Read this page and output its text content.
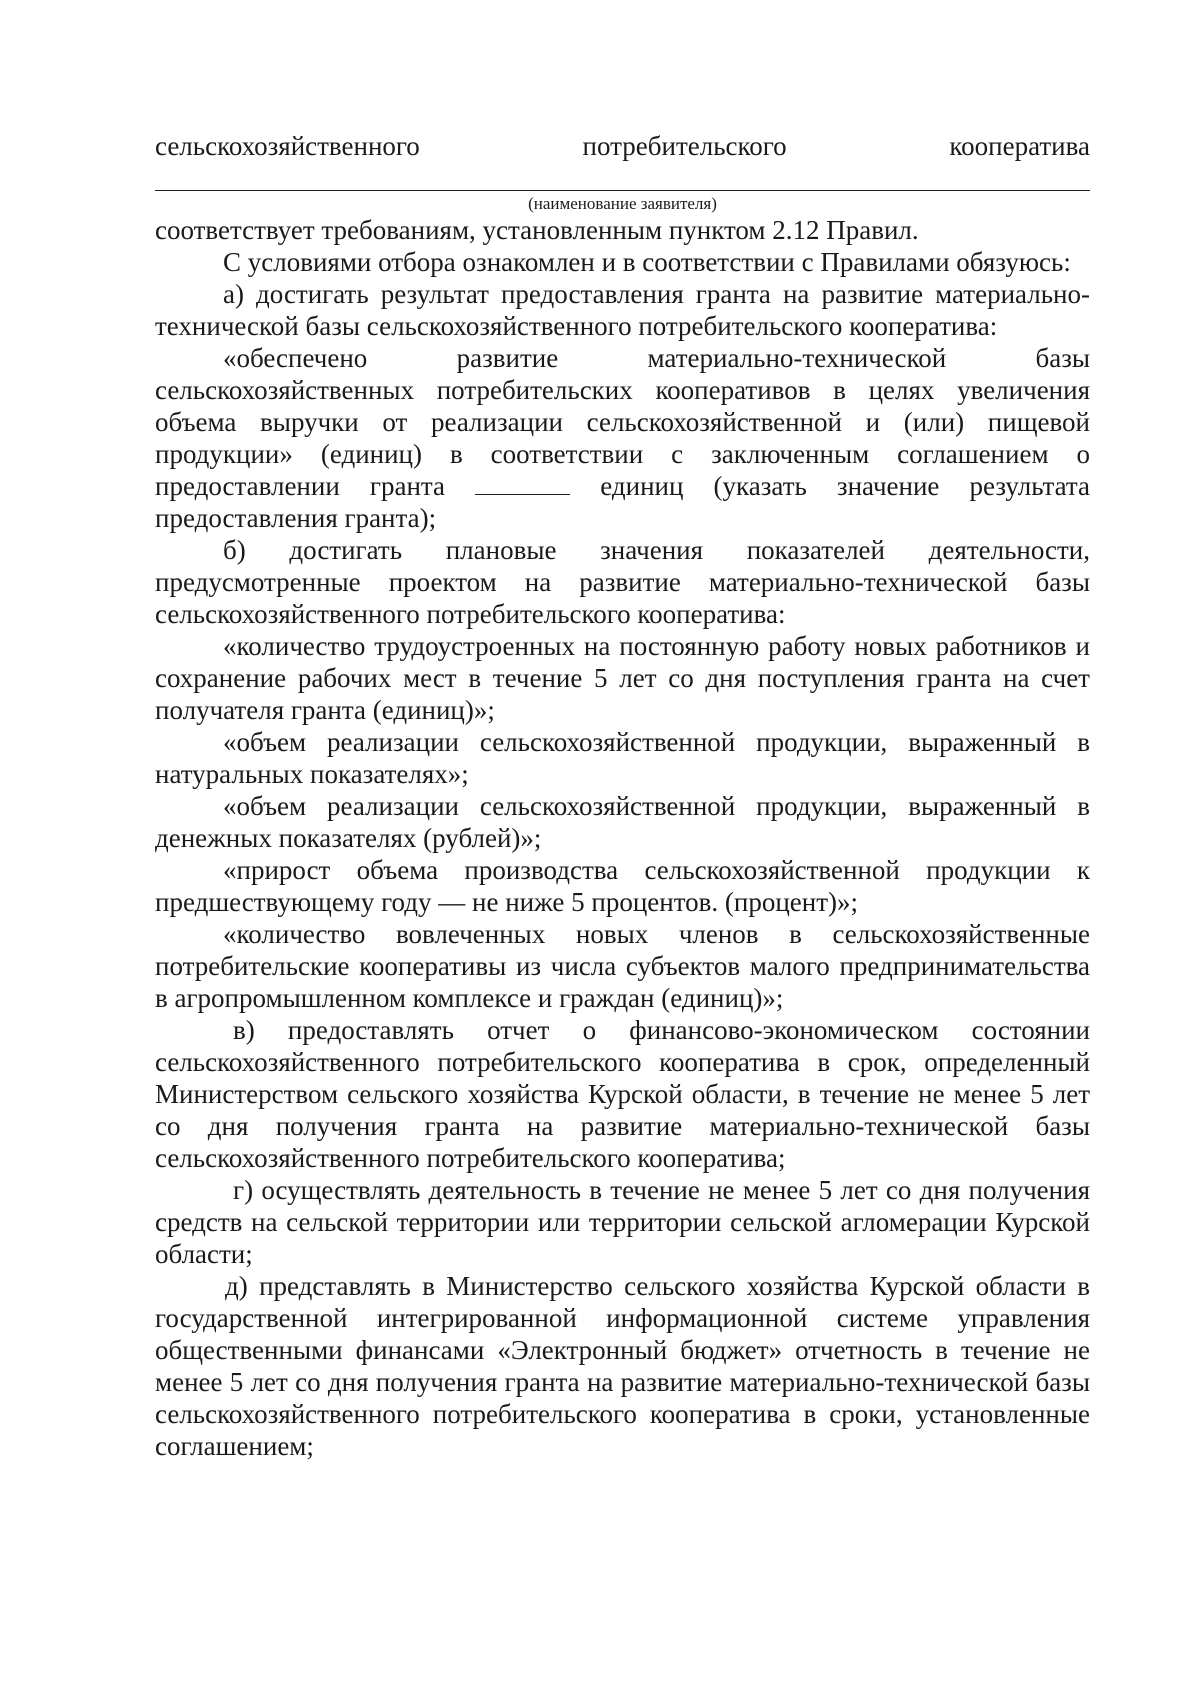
сельскохозяйственного	потребительского	кооператива
(наименование заявителя)

соответствует требованиям, установленным пунктом 2.12 Правил.

С условиями отбора ознакомлен и в соответствии с Правилами обязуюсь:

а) достигать результат предоставления гранта на развитие материально-технической базы сельскохозяйственного потребительского кооператива:

«обеспечено развитие материально-технической базы сельскохозяйственных потребительских кооперативов в целях увеличения объема выручки от реализации сельскохозяйственной и (или) пищевой продукции» (единиц) в соответствии с заключенным соглашением о предоставлении гранта	единиц (указать значение результата предоставления гранта);

б) достигать плановые значения показателей деятельности, предусмотренные проектом на развитие материально-технической базы сельскохозяйственного потребительского кооператива:

«количество трудоустроенных на постоянную работу новых работников и сохранение рабочих мест в течение 5 лет со дня поступления гранта на счет получателя гранта (единиц)»;

«объем реализации сельскохозяйственной продукции, выраженный в натуральных показателях»;

«объем реализации сельскохозяйственной продукции, выраженный в денежных показателях (рублей)»;

«прирост объема производства сельскохозяйственной продукции к предшествующему году — не ниже 5 процентов. (процент)»;

«количество вовлеченных новых членов в сельскохозяйственные потребительские кооперативы из числа субъектов малого предпринимательства в агропромышленном комплексе и граждан (единиц)»;

в) предоставлять отчет о финансово-экономическом состоянии сельскохозяйственного потребительского кооператива в срок, определенный Министерством сельского хозяйства Курской области, в течение не менее 5 лет со дня получения гранта на развитие материально-технической базы сельскохозяйственного потребительского кооператива;

г) осуществлять деятельность в течение не менее 5 лет со дня получения средств на сельской территории или территории сельской агломерации Курской области;

д) представлять в Министерство сельского хозяйства Курской области в государственной интегрированной информационной системе управления общественными финансами «Электронный бюджет» отчетность в течение не менее 5 лет со дня получения гранта на развитие материально-технической базы сельскохозяйственного потребительского кооператива в сроки, установленные соглашением;
